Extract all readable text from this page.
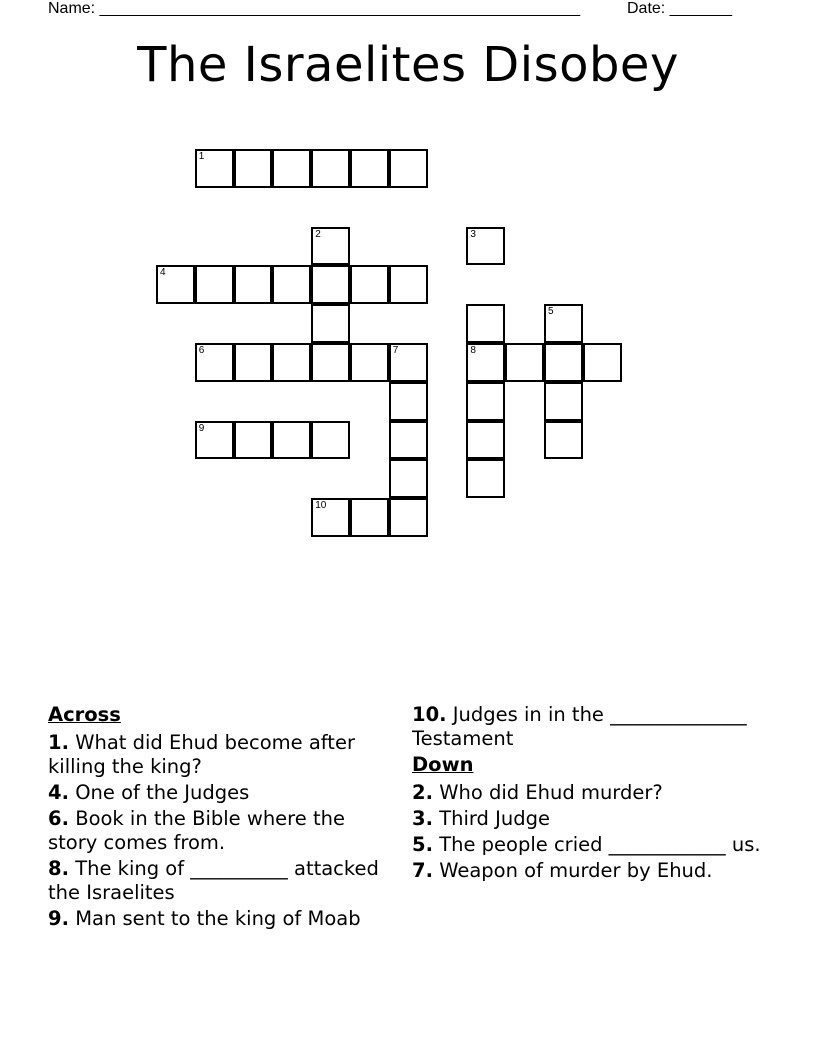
Name: ______________________________________________________	Date: _______
The Israelites Disobey
1
4
6	7	8
9
10
2	3
5
Across
1. What did Ehud become after killing the king?
4. One of the Judges
6. Book in the Bible where the story comes from.
8. The king of __________ attacked the Israelites
9. Man sent to the king of Moab
10. Judges in in the ______________ Testament
Down
2. Who did Ehud murder?
3. Third Judge
5. The people cried ____________ us.
7. Weapon of murder by Ehud.
